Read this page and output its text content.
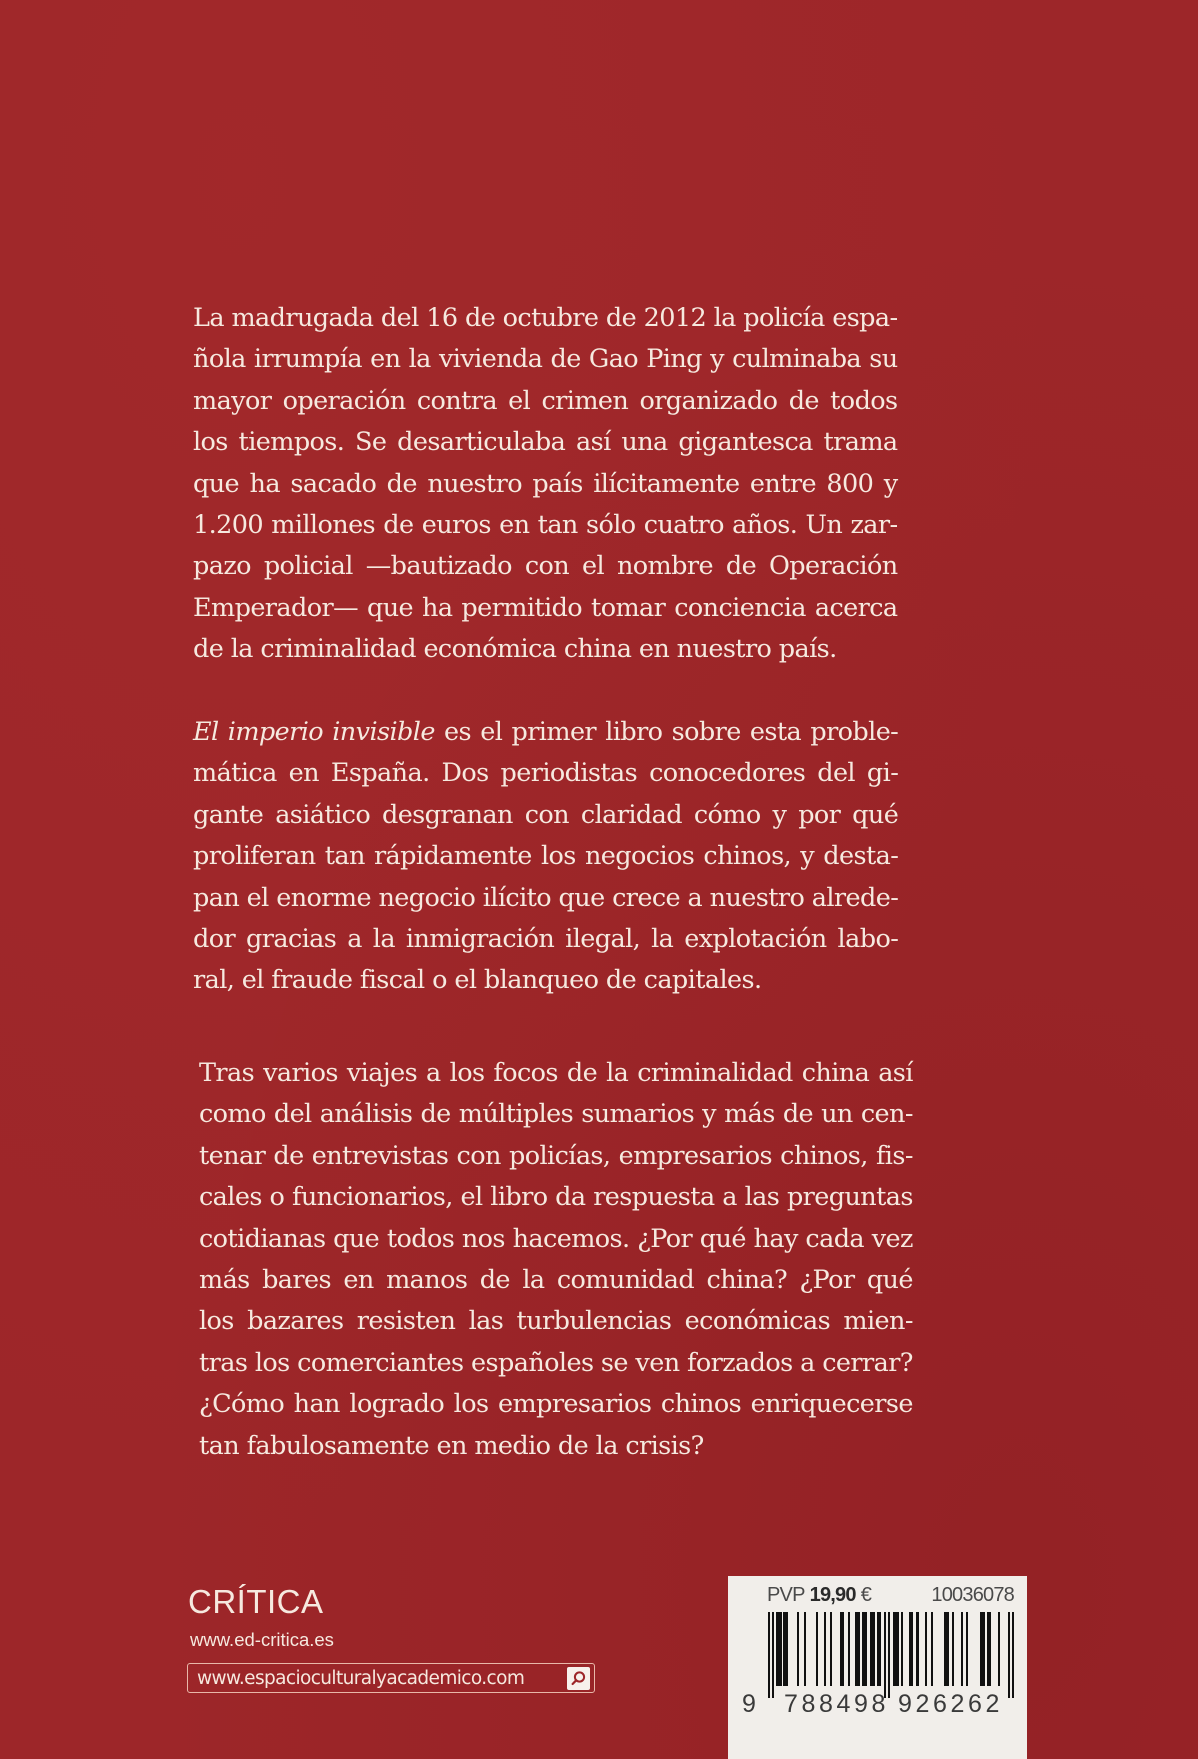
La madrugada del 16 de octubre de 2012 la policía espa-
ñola irrumpía en la vivienda de Gao Ping y culminaba su
mayor operación contra el crimen organizado de todos
los tiempos. Se desarticulaba así una gigantesca trama
que ha sacado de nuestro país ilícitamente entre 800 y
1.200 millones de euros en tan sólo cuatro años. Un zar-
pazo policial —bautizado con el nombre de Operación
Emperador— que ha permitido tomar conciencia acerca
de la criminalidad económica china en nuestro país.

El imperio invisible es el primer libro sobre esta proble-
mática en España. Dos periodistas conocedores del gi-
gante asiático desgranan con claridad cómo y por qué
proliferan tan rápidamente los negocios chinos, y desta-
pan el enorme negocio ilícito que crece a nuestro alrede-
dor gracias a la inmigración ilegal, la explotación labo-
ral, el fraude fiscal o el blanqueo de capitales.

Tras varios viajes a los focos de la criminalidad china así
como del análisis de múltiples sumarios y más de un cen-
tenar de entrevistas con policías, empresarios chinos, fis-
cales o funcionarios, el libro da respuesta a las preguntas
cotidianas que todos nos hacemos. ¿Por qué hay cada vez
más bares en manos de la comunidad china? ¿Por qué
los bazares resisten las turbulencias económicas mien-
tras los comerciantes españoles se ven forzados a cerrar?
¿Cómo han logrado los empresarios chinos enriquecerse
tan fabulosamente en medio de la crisis?

CRÍTICA
www.ed-critica.es
www.espacioculturalyacademico.com
PVP 19,90 €	10036078
9 788498 926262
